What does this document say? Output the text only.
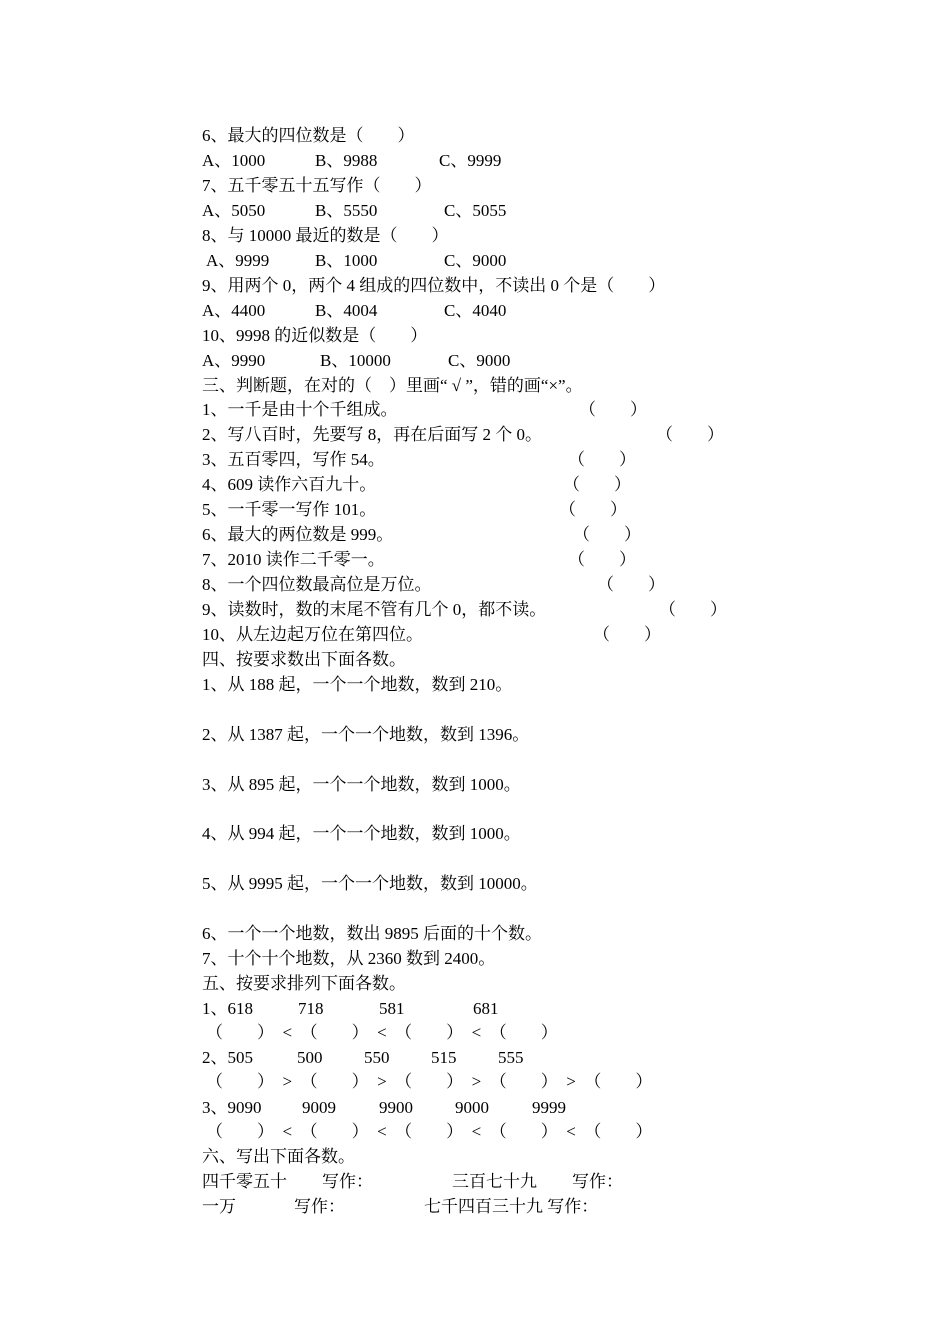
6、最大的四位数是（　　）
A、1000	B、9988	C、9999
7、五千零五十五写作（　　）
A、5050	B、5550	C、5055
8、与 10000 最近的数是（　　）
A、9999	B、1000	C、9000
9、用两个 0，两个 4 组成的四位数中，不读出 0 个是（　　）
A、4400	B、4004	C、4040
10、9998 的近似数是（　　）
A、9990	B、10000	C、9000
三、判断题，在对的（　）里画“ √ ”，错的画“×”。
1、一千是由十个千组成。	（　　）
2、写八百时，先要写 8，再在后面写 2 个 0。	（　　）
3、五百零四，写作 54。	（　　）
4、609 读作六百九十。	（　　）
5、一千零一写作 101。	（　　）
6、最大的两位数是 999。	（　　）
7、2010 读作二千零一。	（　　）
8、一个四位数最高位是万位。	（　　）
9、读数时，数的末尾不管有几个 0，都不读。	（　　）
10、从左边起万位在第四位。	（　　）
四、按要求数出下面各数。
1、从 188 起，一个一个地数，数到 210。
2、从 1387 起，一个一个地数，数到 1396。
3、从 895 起，一个一个地数，数到 1000。
4、从 994 起，一个一个地数，数到 1000。
5、从 9995 起，一个一个地数，数到 10000。
6、一个一个地数，数出 9895 后面的十个数。
7、十个十个地数，从 2360 数到 2400。
五、按要求排列下面各数。
1、618	718	581	681
（　　）  <  （　　）  <  （　　）  <  （　　）
2、505	500 550 515 555
（　　）  >  （　　）  >  （　　）  >  （　　）  >  （　　）
3、9090 9009	9900 9000	9999
（　　）  <  （　　）  <  （　　）  <  （　　）  <  （　　）
六、写出下面各数。
四千零五十 写作：	三百七十九 写作：
一万	写作：	七千四百三十九 写作：
